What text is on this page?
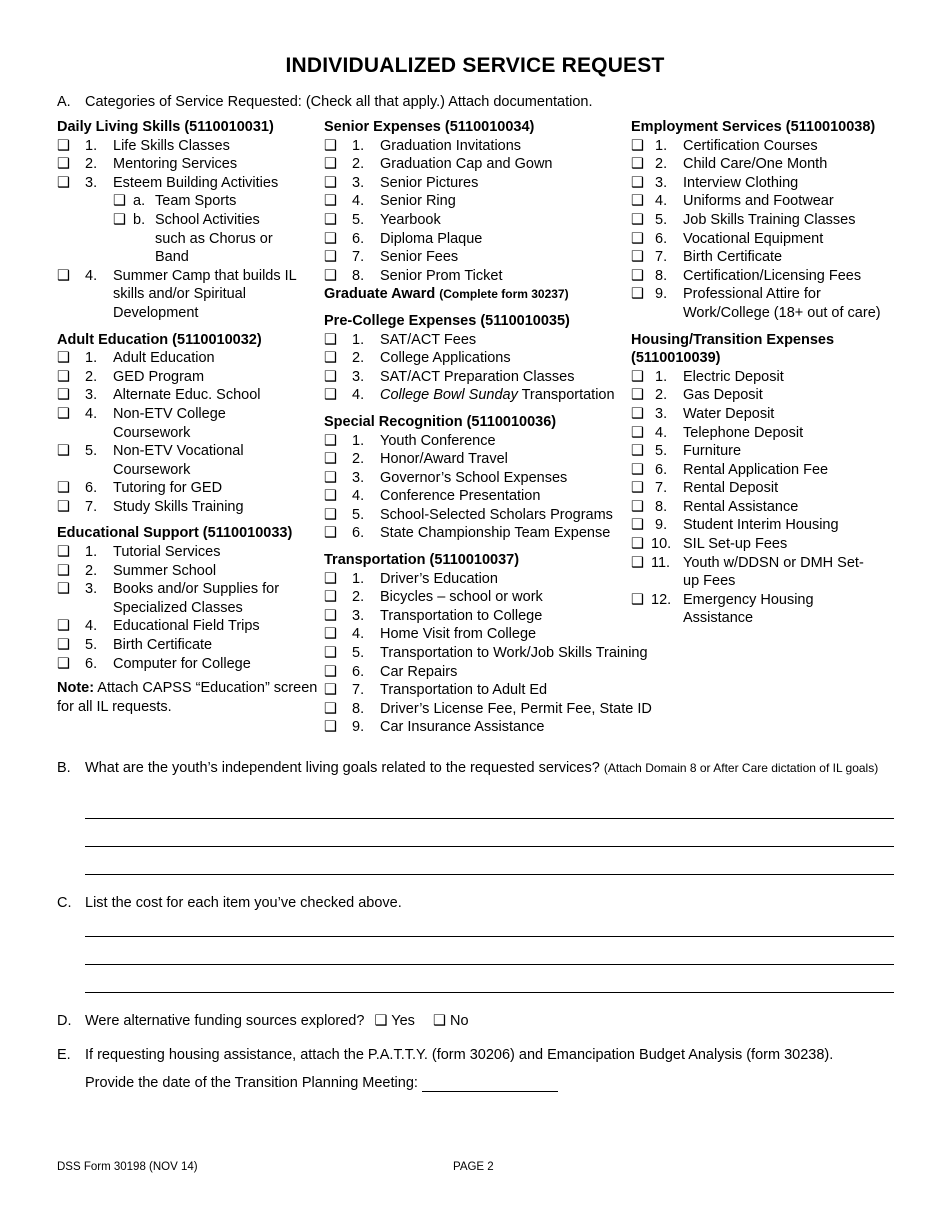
INDIVIDUALIZED SERVICE REQUEST
A. Categories of Service Requested: (Check all that apply.) Attach documentation.
Daily Living Skills (5110010031)
❑	1.	Life Skills Classes
❑	2.	Mentoring Services
❑	3.	Esteem Building Activities
❑ a. Team Sports
❑ b. School Activities such as Chorus or Band
❑	4.	Summer Camp that builds IL skills and/or Spiritual Development
Adult Education (5110010032)
❑	1.	Adult Education
❑	2.	GED Program
❑	3.	Alternate Educ. School
❑	4.	Non-ETV College Coursework
❑	5.	Non-ETV Vocational Coursework
❑	6.	Tutoring for GED
❑	7.	Study Skills Training
Educational Support (5110010033)
❑	1.	Tutorial Services
❑	2.	Summer School
❑	3.	Books and/or Supplies for Specialized Classes
❑	4.	Educational Field Trips
❑	5.	Birth Certificate
❑	6.	Computer for College
Note: Attach CAPSS “Education” screen for all IL requests.
Senior Expenses (5110010034)
❑	1.	Graduation Invitations
❑	2.	Graduation Cap and Gown
❑	3.	Senior Pictures
❑	4.	Senior Ring
❑	5.	Yearbook
❑	6.	Diploma Plaque
❑	7.	Senior Fees
❑	8.	Senior Prom Ticket
Graduate Award (Complete form 30237)
Pre-College Expenses (5110010035)
❑	1.	SAT/ACT Fees
❑	2.	College Applications
❑	3.	SAT/ACT Preparation Classes
❑	4.	College Bowl Sunday Transportation
Special Recognition (5110010036)
❑	1.	Youth Conference
❑	2.	Honor/Award Travel
❑	3.	Governor’s School Expenses
❑	4.	Conference Presentation
❑	5.	School-Selected Scholars Programs
❑	6.	State Championship Team Expense
Transportation (5110010037)
❑	1.	Driver’s Education
❑	2.	Bicycles – school or work
❑	3.	Transportation to College
❑	4.	Home Visit from College
❑	5.	Transportation to Work/Job Skills Training
❑	6.	Car Repairs
❑	7.	Transportation to Adult Ed
❑	8.	Driver’s License Fee, Permit Fee, State ID
❑	9.	Car Insurance Assistance
Employment Services (5110010038)
❑ 1.	Certification Courses
❑ 2.	Child Care/One Month
❑ 3.	Interview Clothing
❑ 4.	Uniforms and Footwear
❑ 5.	Job Skills Training Classes
❑ 6.	Vocational Equipment
❑ 7.	Birth Certificate
❑ 8.	Certification/Licensing Fees
❑ 9.	Professional Attire for Work/College (18+ out of care)
Housing/Transition Expenses
(5110010039)
❑ 1.	Electric Deposit
❑ 2.	Gas Deposit
❑ 3.	Water Deposit
❑ 4.	Telephone Deposit
❑ 5.	Furniture
❑ 6.	Rental Application Fee
❑ 7.	Rental Deposit
❑ 8.	Rental Assistance
❑ 9.	Student Interim Housing
❑ 10. SIL Set-up Fees
❑ 11. Youth w/DDSN or DMH Set-up Fees
❑ 12. Emergency Housing Assistance
B. What are the youth’s independent living goals related to the requested services? (Attach Domain 8 or After Care dictation of IL goals)
C. List the cost for each item you’ve checked above.
D. Were alternative funding sources explored? ❑ Yes ❑ No
E. If requesting housing assistance, attach the P.A.T.T.Y. (form 30206) and Emancipation Budget Analysis (form 30238).
Provide the date of the Transition Planning Meeting:
DSS Form 30198 (NOV 14)	PAGE 2
